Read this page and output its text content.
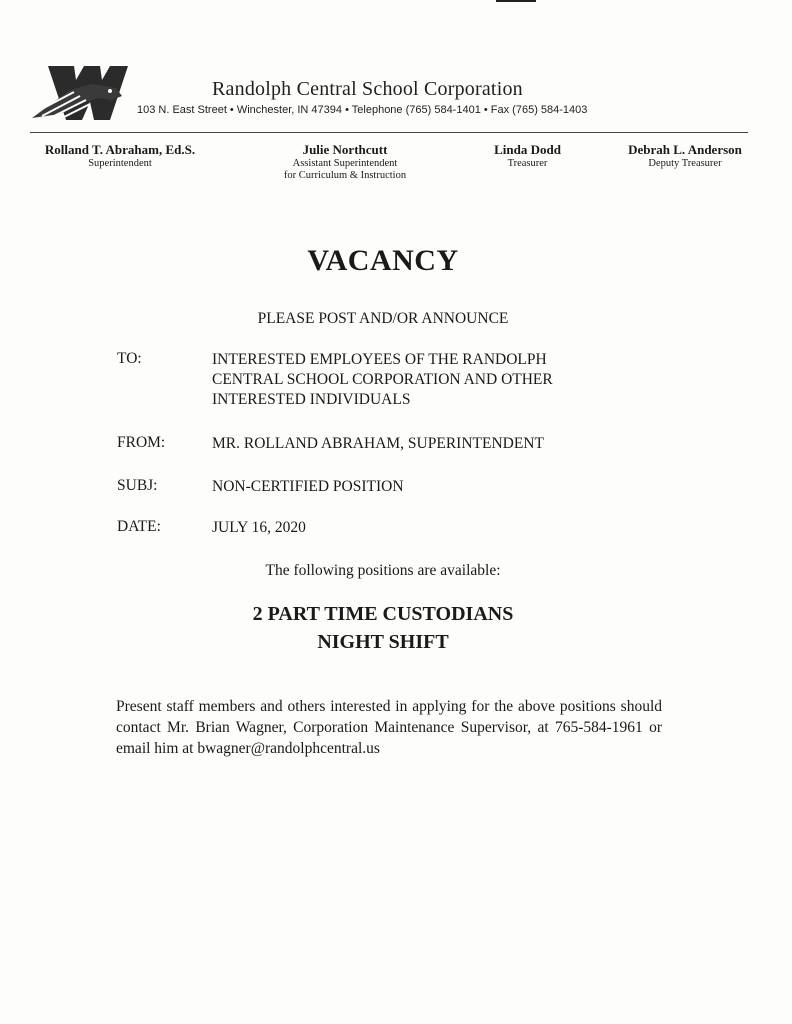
Randolph Central School Corporation
103 N. East Street • Winchester, IN 47394 • Telephone (765) 584-1401 • Fax (765) 584-1403
Rolland T. Abraham, Ed.S.
Superintendent
Julie Northcutt
Assistant Superintendent
for Curriculum & Instruction
Linda Dodd
Treasurer
Debrah L. Anderson
Deputy Treasurer
VACANCY
PLEASE POST AND/OR ANNOUNCE
TO:	INTERESTED EMPLOYEES OF THE RANDOLPH
CENTRAL SCHOOL CORPORATION AND OTHER
INTERESTED INDIVIDUALS
FROM:	MR. ROLLAND ABRAHAM, SUPERINTENDENT
SUBJ:	NON-CERTIFIED POSITION
DATE:	JULY 16, 2020
The following positions are available:
2 PART TIME CUSTODIANS
NIGHT SHIFT
Present staff members and others interested in applying for the above positions should contact Mr. Brian Wagner, Corporation Maintenance Supervisor, at 765-584-1961 or email him at bwagner@randolphcentral.us
